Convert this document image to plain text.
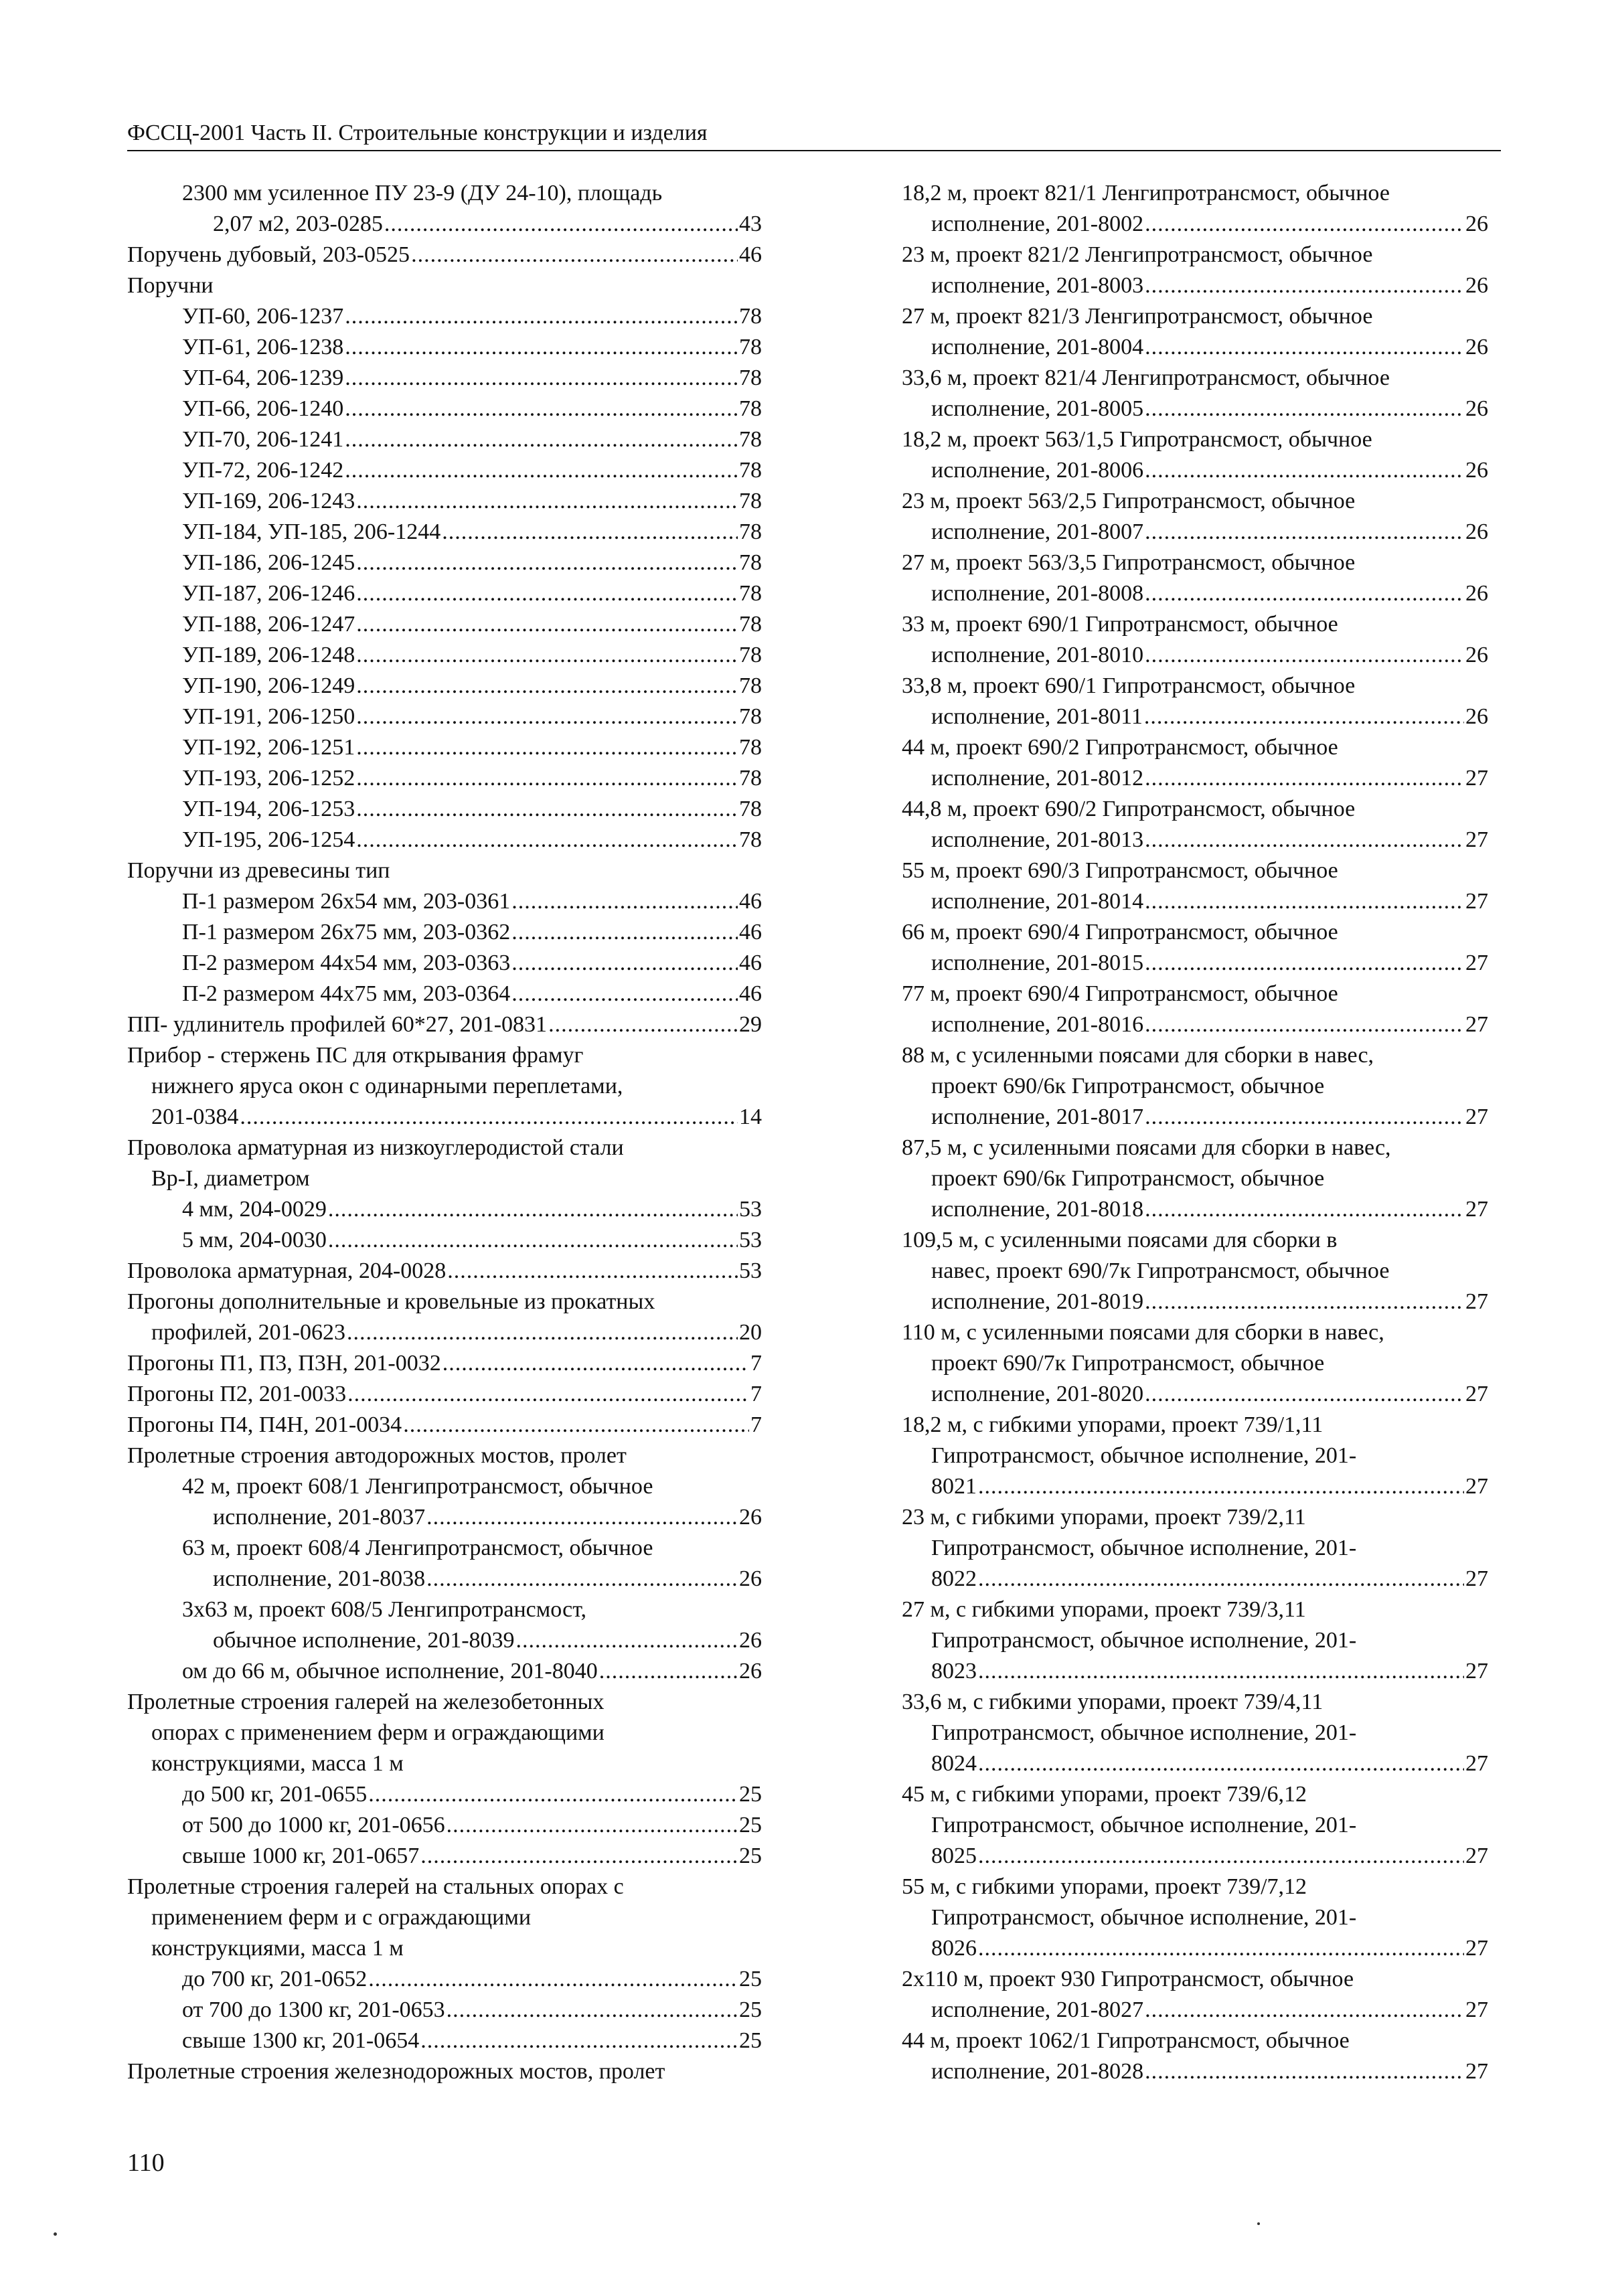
ФССЦ-2001 Часть II. Строительные конструкции и изделия
2300 мм усиленное ПУ 23-9 (ДУ 24-10), площадь
2,07 м2, 203-0285 .....	43
Поручень дубовый, 203-0525 .....	46
Поручни
УП-60, 206-1237 .....	78
УП-61, 206-1238 .....	78
УП-64, 206-1239 .....	78
УП-66, 206-1240 .....	78
УП-70, 206-1241 .....	78
УП-72, 206-1242 .....	78
УП-169, 206-1243 .....	78
УП-184, УП-185, 206-1244 .....	78
УП-186, 206-1245 .....	78
УП-187, 206-1246 .....	78
УП-188, 206-1247 .....	78
УП-189, 206-1248 .....	78
УП-190, 206-1249 .....	78
УП-191, 206-1250 .....	78
УП-192, 206-1251 .....	78
УП-193, 206-1252 .....	78
УП-194, 206-1253 .....	78
УП-195, 206-1254 .....	78
Поручни из древесины тип
П-1 размером 26х54 мм, 203-0361 .....	46
П-1 размером 26х75 мм, 203-0362 .....	46
П-2 размером 44х54 мм, 203-0363 .....	46
П-2 размером 44х75 мм, 203-0364 .....	46
ПП- удлинитель профилей 60*27, 201-0831 .....	29
Прибор - стержень ПС для открывания фрамуг
нижнего яруса окон с одинарными переплетами,
201-0384 .....	14
Проволока арматурная из низкоуглеродистой стали
Вр-I, диаметром
4 мм, 204-0029 .....	53
5 мм, 204-0030 .....	53
Проволока арматурная, 204-0028 .....	53
Прогоны дополнительные и кровельные из прокатных
профилей, 201-0623 .....	20
Прогоны П1, П3, П3Н, 201-0032 .....	7
Прогоны П2, 201-0033 .....	7
Прогоны П4, П4Н, 201-0034 .....	7
Пролетные строения автодорожных мостов, пролет
42 м, проект 608/1 Ленгипротрансмост, обычное
исполнение, 201-8037 .....	26
63 м, проект 608/4 Ленгипротрансмост, обычное
исполнение, 201-8038 .....	26
3х63 м, проект 608/5 Ленгипротрансмост,
обычное исполнение, 201-8039 .....	26
ом до 66 м, обычное исполнение, 201-8040 .....	26
Пролетные строения галерей на железобетонных
опорах с применением ферм и ограждающими
конструкциями, масса 1 м
до 500 кг, 201-0655 .....	25
от 500 до 1000 кг, 201-0656 .....	25
свыше 1000 кг, 201-0657 .....	25
Пролетные строения галерей на стальных опорах с
применением ферм и с ограждающими
конструкциями, масса 1 м
до 700 кг, 201-0652 .....	25
от 700 до 1300 кг, 201-0653 .....	25
свыше 1300 кг, 201-0654 .....	25
Пролетные строения железнодорожных мостов, пролет
18,2 м, проект 821/1 Ленгипротрансмост, обычное
исполнение, 201-8002 .....	26
23 м, проект 821/2 Ленгипротрансмост, обычное
исполнение, 201-8003 .....	26
27 м, проект 821/3 Ленгипротрансмост, обычное
исполнение, 201-8004 .....	26
33,6 м, проект 821/4 Ленгипротрансмост, обычное
исполнение, 201-8005 .....	26
18,2 м, проект 563/1,5 Гипротрансмост, обычное
исполнение, 201-8006 .....	26
23 м, проект 563/2,5 Гипротрансмост, обычное
исполнение, 201-8007 .....	26
27 м, проект 563/3,5 Гипротрансмост, обычное
исполнение, 201-8008 .....	26
33 м, проект 690/1 Гипротрансмост, обычное
исполнение, 201-8010 .....	26
33,8 м, проект 690/1 Гипротрансмост, обычное
исполнение, 201-8011 .....	26
44 м, проект 690/2 Гипротрансмост, обычное
исполнение, 201-8012 .....	27
44,8 м, проект 690/2 Гипротрансмост, обычное
исполнение, 201-8013 .....	27
55 м, проект 690/3 Гипротрансмост, обычное
исполнение, 201-8014 .....	27
66 м, проект 690/4 Гипротрансмост, обычное
исполнение, 201-8015 .....	27
77 м, проект 690/4 Гипротрансмост, обычное
исполнение, 201-8016 .....	27
88 м, с усиленными поясами для сборки в навес,
проект 690/6к Гипротрансмост, обычное
исполнение, 201-8017 .....	27
87,5 м, с усиленными поясами для сборки в навес,
проект 690/6к Гипротрансмост, обычное
исполнение, 201-8018 .....	27
109,5 м, с усиленными поясами для сборки в
навес, проект 690/7к Гипротрансмост, обычное
исполнение, 201-8019 .....	27
110 м, с усиленными поясами для сборки в навес,
проект 690/7к Гипротрансмост, обычное
исполнение, 201-8020 .....	27
18,2 м, с гибкими упорами, проект 739/1,11
Гипротрансмост, обычное исполнение, 201-
8021 .....	27
23 м, с гибкими упорами, проект 739/2,11
Гипротрансмост, обычное исполнение, 201-
8022 .....	27
27 м, с гибкими упорами, проект 739/3,11
Гипротрансмост, обычное исполнение, 201-
8023 .....	27
33,6 м, с гибкими упорами, проект 739/4,11
Гипротрансмост, обычное исполнение, 201-
8024 .....	27
45 м, с гибкими упорами, проект 739/6,12
Гипротрансмост, обычное исполнение, 201-
8025 .....	27
55 м, с гибкими упорами, проект 739/7,12
Гипротрансмост, обычное исполнение, 201-
8026 .....	27
2х110 м, проект 930 Гипротрансмост, обычное
исполнение, 201-8027 .....	27
44 м, проект 1062/1 Гипротрансмост, обычное
исполнение, 201-8028 .....	27
110
